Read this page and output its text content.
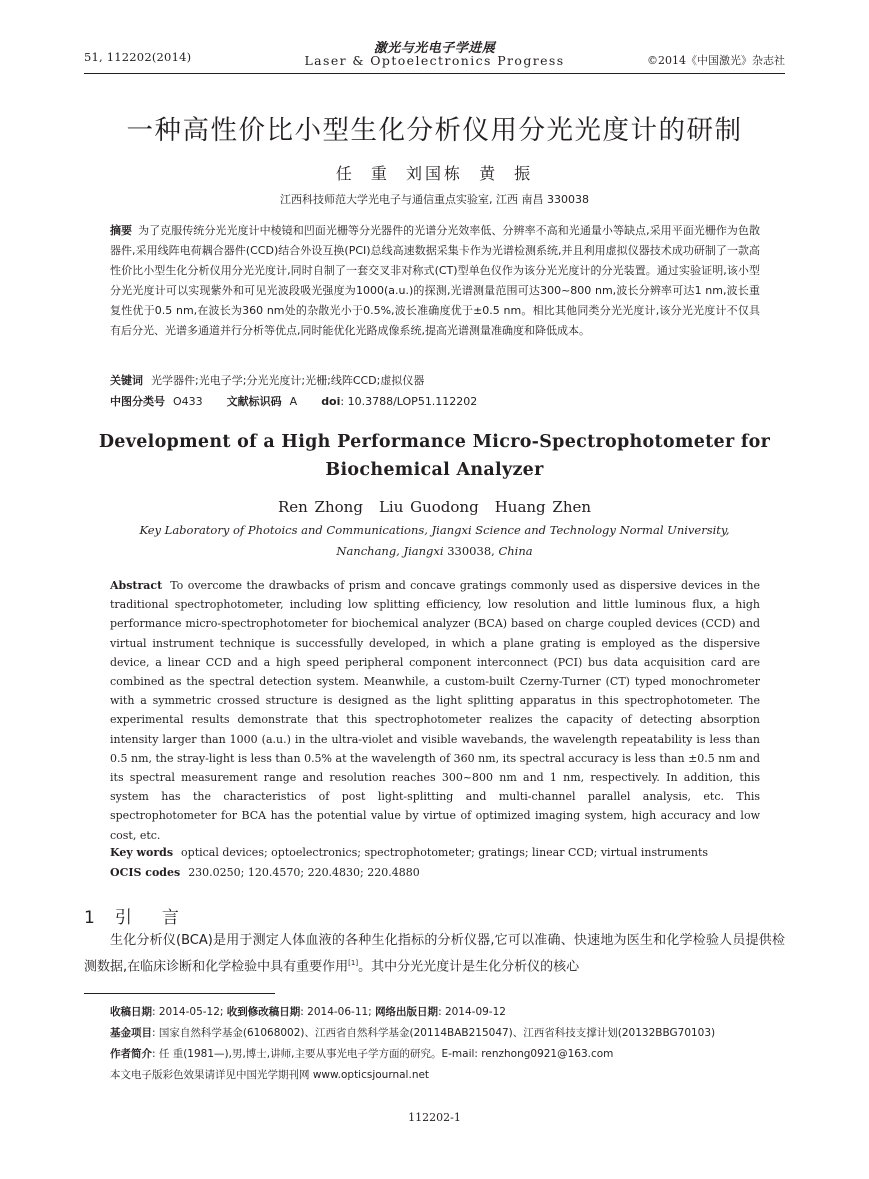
51, 112202(2014)
激光与光电子学进展
Laser & Optoelectronics Progress	©2014《中国激光》杂志社
一种高性价比小型生化分析仪用分光光度计的研制
任 重 刘国栋 黄 振
江西科技师范大学光电子与通信重点实验室, 江西 南昌 330038
摘要 为了克服传统分光光度计中棱镜和凹面光栅等分光器件的光谱分光效率低、分辨率不高和光通量小等缺点,采用平面光栅作为色散器件,采用线阵电荷耦合器件(CCD)结合外设互换(PCI)总线高速数据采集卡作为光谱检测系统,并且利用虚拟仪器技术成功研制了一款高性价比小型生化分析仪用分光光度计,同时自制了一套交叉非对称式(CT)型单色仪作为该分光光度计的分光装置。通过实验证明,该小型分光光度计可以实现紫外和可见光波段吸光强度为1000(a.u.)的探测,光谱测量范围可达300~800 nm,波长分辨率可达1 nm,波长重复性优于0.5 nm,在波长为360 nm处的杂散光小于0.5%,波长准确度优于±0.5 nm。相比其他同类分光光度计,该分光光度计不仅具有后分光、光谱多通道并行分析等优点,同时能优化光路成像系统,提高光谱测量准确度和降低成本。
关键词 光学器件;光电子学;分光光度计;光栅;线阵CCD;虚拟仪器
中图分类号 O433 文献标识码 A doi: 10.3788/LOP51.112202
Development of a High Performance Micro-Spectrophotometer for Biochemical Analyzer
Ren Zhong Liu Guodong Huang Zhen
Key Laboratory of Photoics and Communications, Jiangxi Science and Technology Normal University,
Nanchang, Jiangxi 330038, China
Abstract To overcome the drawbacks of prism and concave gratings commonly used as dispersive devices in the traditional spectrophotometer, including low splitting efficiency, low resolution and little luminous flux, a high performance micro-spectrophotometer for biochemical analyzer (BCA) based on charge coupled devices (CCD) and virtual instrument technique is successfully developed, in which a plane grating is employed as the dispersive device, a linear CCD and a high speed peripheral component interconnect (PCI) bus data acquisition card are combined as the spectral detection system. Meanwhile, a custom-built Czerny-Turner (CT) typed monochrometer with a symmetric crossed structure is designed as the light splitting apparatus in this spectrophotometer. The experimental results demonstrate that this spectrophotometer realizes the capacity of detecting absorption intensity larger than 1000 (a.u.) in the ultra-violet and visible wavebands, the wavelength repeatability is less than 0.5 nm, the stray-light is less than 0.5% at the wavelength of 360 nm, its spectral accuracy is less than ±0.5 nm and its spectral measurement range and resolution reaches 300~800 nm and 1 nm, respectively. In addition, this system has the characteristics of post light-splitting and multi-channel parallel analysis, etc. This spectrophotometer for BCA has the potential value by virtue of optimized imaging system, high accuracy and low cost, etc.
Key words optical devices; optoelectronics; spectrophotometer; gratings; linear CCD; virtual instruments
OCIS codes 230.0250; 120.4570; 220.4830; 220.4880
1 引言
生化分析仪(BCA)是用于测定人体血液的各种生化指标的分析仪器,它可以准确、快速地为医生和化学检验人员提供检测数据,在临床诊断和化学检验中具有重要作用[1]。其中分光光度计是生化分析仪的核心
收稿日期: 2014-05-12; 收到修改稿日期: 2014-06-11; 网络出版日期: 2014-09-12
基金项目: 国家自然科学基金(61068002)、江西省自然科学基金(20114BAB215047)、江西省科技支撑计划(20132BBG70103)
作者简介: 任 重(1981—),男,博士,讲师,主要从事光电子学方面的研究。E-mail: renzhong0921@163.com
本文电子版彩色效果请详见中国光学期刊网 www.opticsjournal.net
112202-1
